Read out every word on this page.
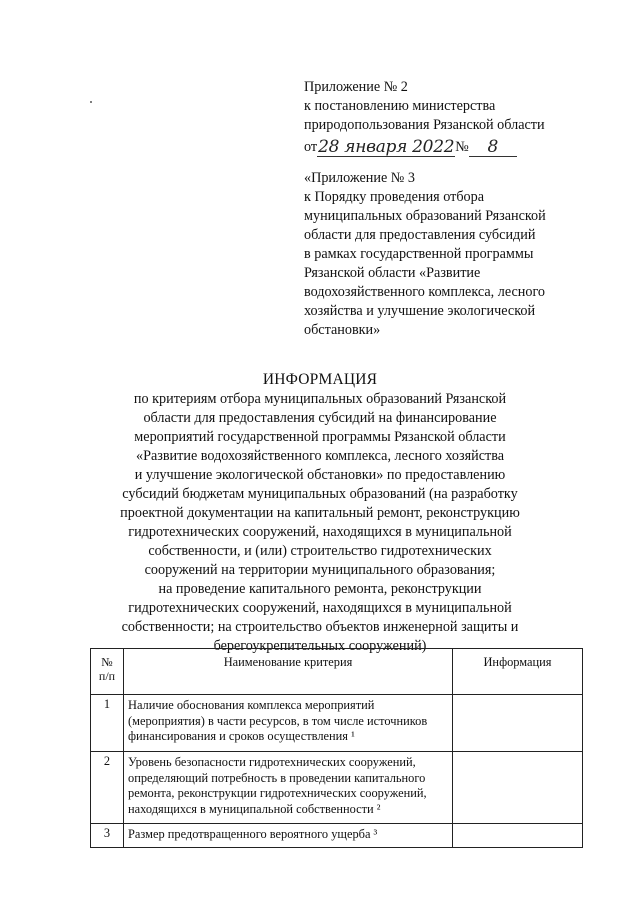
Приложение № 2
к постановлению министерства
природопользования Рязанской области
от 28 января 2022 №	8
«Приложение № 3
к Порядку проведения отбора
муниципальных образований Рязанской
области для предоставления субсидий
в рамках государственной программы
Рязанской области «Развитие
водохозяйственного комплекса, лесного
хозяйства и улучшение экологической
обстановки»
ИНФОРМАЦИЯ
по критериям отбора муниципальных образований Рязанской
области для предоставления субсидий на финансирование
мероприятий государственной программы Рязанской области
«Развитие водохозяйственного комплекса, лесного хозяйства
и улучшение экологической обстановки» по предоставлению
субсидий бюджетам муниципальных образований (на разработку
проектной документации на капитальный ремонт, реконструкцию
гидротехнических сооружений, находящихся в муниципальной
собственности, и (или) строительство гидротехнических
сооружений на территории муниципального образования;
на проведение капитального ремонта, реконструкции
гидротехнических сооружений, находящихся в муниципальной
собственности; на строительство объектов инженерной защиты и
берегоукрепительных сооружений)
№
п/п	Наименование критерия	Информация
1	Наличие обоснования комплекса мероприятий
(мероприятия) в части ресурсов, в том числе источников
финансирования и сроков осуществления ¹	

2	Уровень безопасности гидротехнических сооружений,
определяющий потребность в проведении капитального
ремонта, реконструкции гидротехнических сооружений,
находящихся в муниципальной собственности ²	

3	Размер предотвращенного вероятного ущерба ³	
